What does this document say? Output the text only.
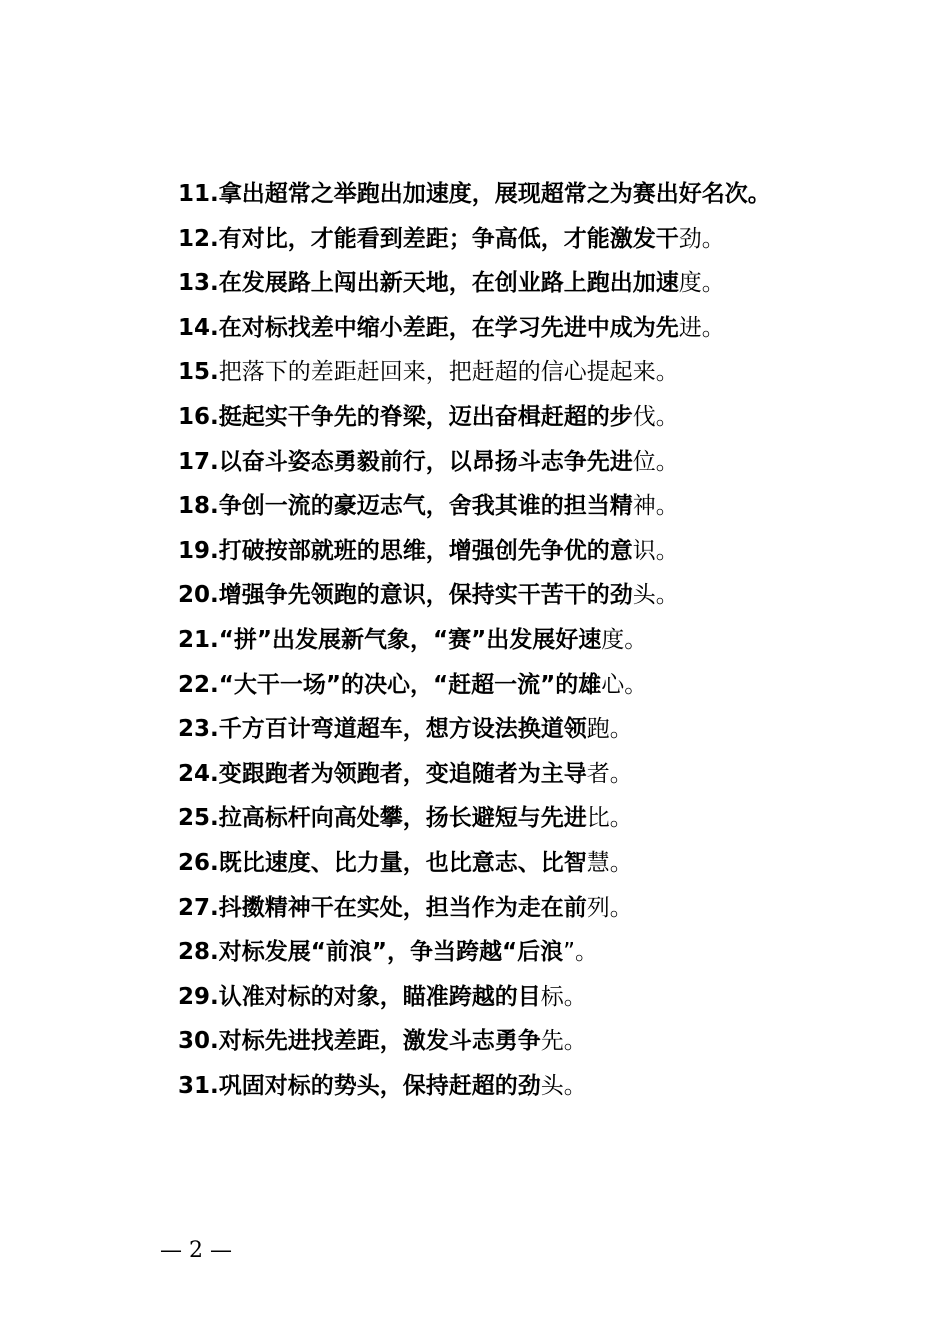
11.拿出超常之举跑出加速度，展现超常之为赛出好名次。

12.有对比，才能看到差距；争高低，才能激发干劲。

13.在发展路上闯出新天地，在创业路上跑出加速度。

14.在对标找差中缩小差距，在学习先进中成为先进。

15.把落下的差距赶回来，把赶超的信心提起来。

16.挺起实干争先的脊梁，迈出奋楫赶超的步伐。

17.以奋斗姿态勇毅前行，以昂扬斗志争先进位。

18.争创一流的豪迈志气，舍我其谁的担当精神。

19.打破按部就班的思维，增强创先争优的意识。

20.增强争先领跑的意识，保持实干苦干的劲头。

21.“拼”出发展新气象，“赛”出发展好速度。

22.“大干一场”的决心，“赶超一流”的雄心。

23.千方百计弯道超车，想方设法换道领跑。

24.变跟跑者为领跑者，变追随者为主导者。

25.拉高标杆向高处攀，扬长避短与先进比。

26.既比速度、比力量，也比意志、比智慧。

27.抖擞精神干在实处，担当作为走在前列。

28.对标发展“前浪”，争当跨越“后浪”。

29.认准对标的对象，瞄准跨越的目标。

30.对标先进找差距，激发斗志勇争先。

31.巩固对标的势头，保持赶超的劲头。

— 2 —
